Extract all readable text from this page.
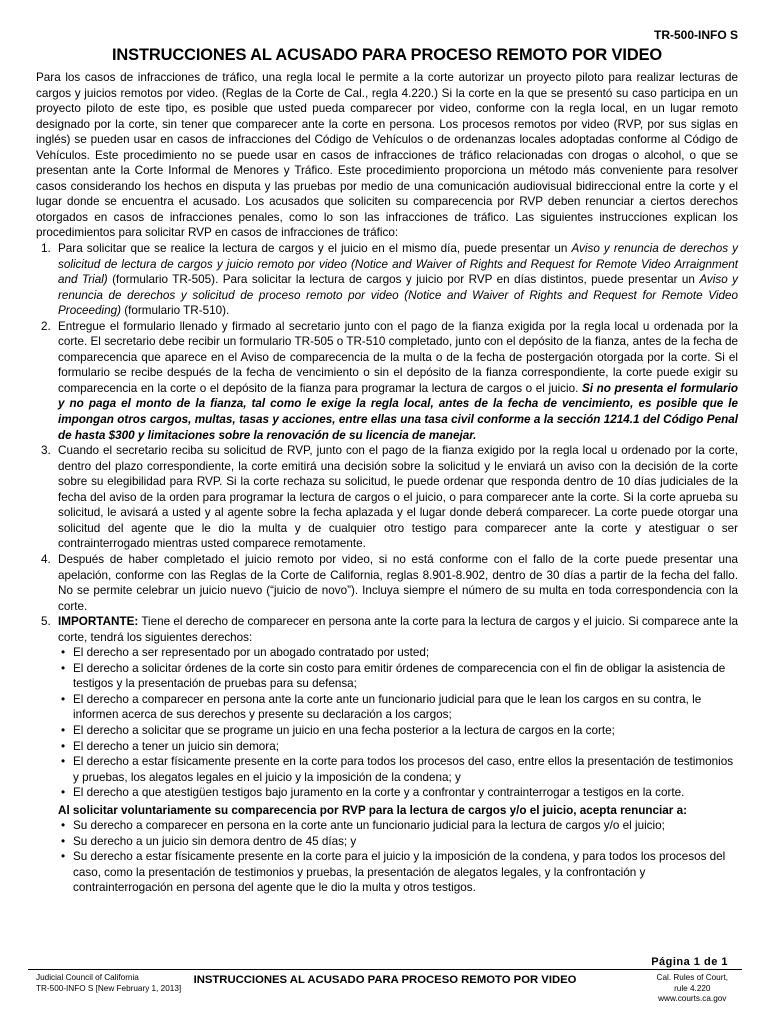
TR-500-INFO S
INSTRUCCIONES AL ACUSADO PARA PROCESO REMOTO POR VIDEO

Para los casos de infracciones de tráfico, una regla local le permite a la corte autorizar un proyecto piloto para realizar lecturas de cargos y juicios remotos por video. (Reglas de la Corte de Cal., regla 4.220.) Si la corte en la que se presentó su caso participa en un proyecto piloto de este tipo, es posible que usted pueda comparecer por video, conforme con la regla local, en un lugar remoto designado por la corte, sin tener que comparecer ante la corte en persona. Los procesos remotos por video (RVP, por sus siglas en inglés) se pueden usar en casos de infracciones del Código de Vehículos o de ordenanzas locales adoptadas conforme al Código de Vehículos. Este procedimiento no se puede usar en casos de infracciones de tráfico relacionadas con drogas o alcohol, o que se presentan ante la Corte Informal de Menores y Tráfico. Este procedimiento proporciona un método más conveniente para resolver casos considerando los hechos en disputa y las pruebas por medio de una comunicación audiovisual bidireccional entre la corte y el lugar donde se encuentra el acusado. Los acusados que soliciten su comparecencia por RVP deben renunciar a ciertos derechos otorgados en casos de infracciones penales, como lo son las infracciones de tráfico. Las siguientes instrucciones explican los procedimientos para solicitar RVP en casos de infracciones de tráfico:

1. Para solicitar que se realice la lectura de cargos y el juicio en el mismo día, puede presentar un Aviso y renuncia de derechos y solicitud de lectura de cargos y juicio remoto por video (Notice and Waiver of Rights and Request for Remote Video Arraignment and Trial) (formulario TR-505). Para solicitar la lectura de cargos y juicio por RVP en días distintos, puede presentar un Aviso y renuncia de derechos y solicitud de proceso remoto por video (Notice and Waiver of Rights and Request for Remote Video Proceeding) (formulario TR-510).
2. Entregue el formulario llenado y firmado al secretario junto con el pago de la fianza exigida por la regla local u ordenada por la corte. El secretario debe recibir un formulario TR-505 o TR-510 completado, junto con el depósito de la fianza, antes de la fecha de comparecencia que aparece en el Aviso de comparecencia de la multa o de la fecha de postergación otorgada por la corte. Si el formulario se recibe después de la fecha de vencimiento o sin el depósito de la fianza correspondiente, la corte puede exigir su comparecencia en la corte o el depósito de la fianza para programar la lectura de cargos o el juicio. Si no presenta el formulario y no paga el monto de la fianza, tal como le exige la regla local, antes de la fecha de vencimiento, es posible que le impongan otros cargos, multas, tasas y acciones, entre ellas una tasa civil conforme a la sección 1214.1 del Código Penal de hasta $300 y limitaciones sobre la renovación de su licencia de manejar.
3. Cuando el secretario reciba su solicitud de RVP, junto con el pago de la fianza exigido por la regla local u ordenado por la corte, dentro del plazo correspondiente, la corte emitirá una decisión sobre la solicitud y le enviará un aviso con la decisión de la corte sobre su elegibilidad para RVP. Si la corte rechaza su solicitud, le puede ordenar que responda dentro de 10 días judiciales de la fecha del aviso de la orden para programar la lectura de cargos o el juicio, o para comparecer ante la corte. Si la corte aprueba su solicitud, le avisará a usted y al agente sobre la fecha aplazada y el lugar donde deberá comparecer. La corte puede otorgar una solicitud del agente que le dio la multa y de cualquier otro testigo para comparecer ante la corte y atestiguar o ser contrainterrogado mientras usted comparece remotamente.
4. Después de haber completado el juicio remoto por video, si no está conforme con el fallo de la corte puede presentar una apelación, conforme con las Reglas de la Corte de California, reglas 8.901-8.902, dentro de 30 días a partir de la fecha del fallo. No se permite celebrar un juicio nuevo (“juicio de novo”). Incluya siempre el número de su multa en toda correspondencia con la corte.
5. IMPORTANTE: Tiene el derecho de comparecer en persona ante la corte para la lectura de cargos y el juicio. Si comparece ante la corte, tendrá los siguientes derechos:
• El derecho a ser representado por un abogado contratado por usted;
• El derecho a solicitar órdenes de la corte sin costo para emitir órdenes de comparecencia con el fin de obligar la asistencia de testigos y la presentación de pruebas para su defensa;
• El derecho a comparecer en persona ante la corte ante un funcionario judicial para que le lean los cargos en su contra, le informen acerca de sus derechos y presente su declaración a los cargos;
• El derecho a solicitar que se programe un juicio en una fecha posterior a la lectura de cargos en la corte;
• El derecho a tener un juicio sin demora;
• El derecho a estar físicamente presente en la corte para todos los procesos del caso, entre ellos la presentación de testimonios y pruebas, los alegatos legales en el juicio y la imposición de la condena; y
• El derecho a que atestigüen testigos bajo juramento en la corte y a confrontar y contrainterrogar a testigos en la corte.
Al solicitar voluntariamente su comparecencia por RVP para la lectura de cargos y/o el juicio, acepta renunciar a:
• Su derecho a comparecer en persona en la corte ante un funcionario judicial para la lectura de cargos y/o el juicio;
• Su derecho a un juicio sin demora dentro de 45 días; y
• Su derecho a estar físicamente presente en la corte para el juicio y la imposición de la condena, y para todos los procesos del caso, como la presentación de testimonios y pruebas, la presentación de alegatos legales, y la confrontación y contrainterrogación en persona del agente que le dio la multa y otros testigos.
Página 1 de 1
Judicial Council of California
TR-500-INFO S [New February 1, 2013]
INSTRUCCIONES AL ACUSADO PARA PROCESO REMOTO POR VIDEO	Cal. Rules of Court,
rule 4.220
www.courts.ca.gov
